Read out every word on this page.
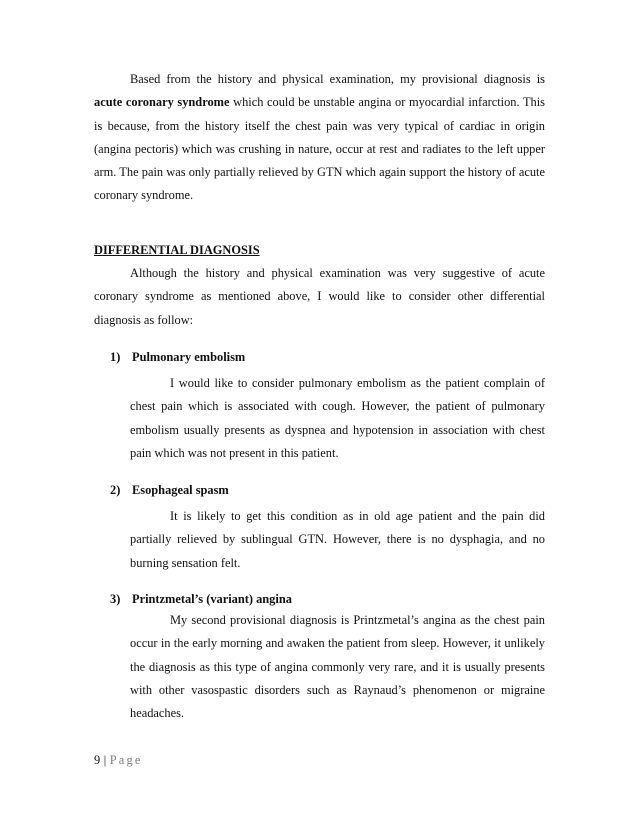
Based from the history and physical examination, my provisional diagnosis is acute coronary syndrome which could be unstable angina or myocardial infarction. This is because, from the history itself the chest pain was very typical of cardiac in origin (angina pectoris) which was crushing in nature, occur at rest and radiates to the left upper arm. The pain was only partially relieved by GTN which again support the history of acute coronary syndrome.

DIFFERENTIAL DIAGNOSIS

Although the history and physical examination was very suggestive of acute coronary syndrome as mentioned above, I would like to consider other differential diagnosis as follow:

1) Pulmonary embolism

I would like to consider pulmonary embolism as the patient complain of chest pain which is associated with cough. However, the patient of pulmonary embolism usually presents as dyspnea and hypotension in association with chest pain which was not present in this patient.

2) Esophageal spasm

It is likely to get this condition as in old age patient and the pain did partially relieved by sublingual GTN. However, there is no dysphagia, and no burning sensation felt.

3) Printzmetal’s (variant) angina

My second provisional diagnosis is Printzmetal’s angina as the chest pain occur in the early morning and awaken the patient from sleep. However, it unlikely the diagnosis as this type of angina commonly very rare, and it is usually presents with other vasospastic disorders such as Raynaud’s phenomenon or migraine headaches.

9 | Page
